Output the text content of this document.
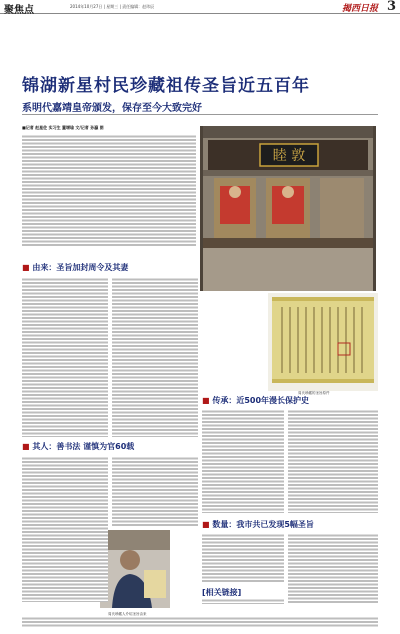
聚焦点	2014年10月27日 | 星期三 | 责任编辑：赵玮辰	揭西日报 3
睦 敦
周氏珍藏的圣旨原件
周氏珍藏人介绍圣旨由来
锦湖新星村民珍藏祖传圣旨近五百年
系明代嘉靖皇帝颁发，保存至今大致完好
■记者 赵星佐 实习生 董增瑜 文/记者 孙瀛 图
■ 由来：圣旨加封周令及其妻
■ 其人：善书法 谨慎为官60载
■ 传承：近500年漫长保护史
■ 数量：我市共已发现5幅圣旨
[相关链接]
